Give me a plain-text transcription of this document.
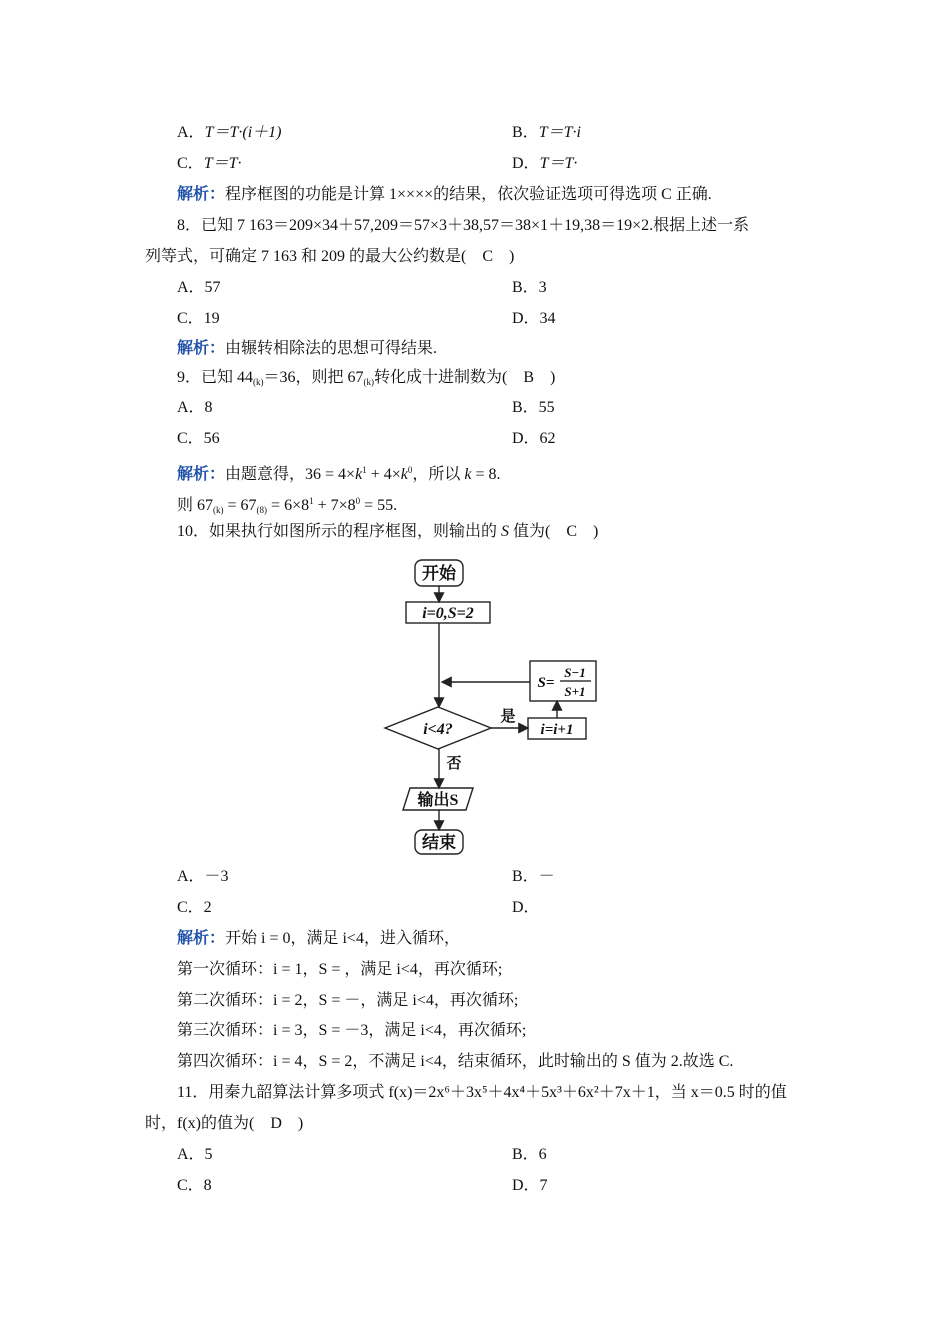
A．T＝T·(i＋1)	B．T＝T·i
C．T＝T·	D．T＝T·
解析：程序框图的功能是计算 1××××的结果，依次验证选项可得选项 C 正确.
8．已知 7 163＝209×34＋57,209＝57×3＋38,57＝38×1＋19,38＝19×2.根据上述一系
列等式，可确定 7 163 和 209 的最大公约数是(　C　)
A．57	B．3
C．19	D．34
解析：由辗转相除法的思想可得结果.
9．已知 $44_{(k)}=36$，则把 $67_{(k)}$转化成十进制数为(　B　)
A．8	B．55
C．56	D．62
解析：由题意得，$36 = 4\times k^1 + 4\times k^0$，所以 k = 8.
则 $67_{(k)} = 67_{(8)} = 6\times 8^1 + 7\times 8^0 = 55$.
10．如果执行如图所示的程序框图，则输出的 S 值为(　C　)
开始
i=0,S=2
i<4?
是
否
i=i+1
S=
S−1
S+1
输出S
结束
A．－3	B．－
C．2	D．
解析：开始 i = 0，满足 i<4，进入循环，
第一次循环：i = 1，S = ，满足 i<4，再次循环;
第二次循环：i = 2，S = －，满足 i<4，再次循环;
第三次循环：i = 3，S = －3，满足 i<4，再次循环;
第四次循环：i = 4，S = 2，不满足 i<4，结束循环，此时输出的 S 值为 2.故选 C.
11．用秦九韶算法计算多项式 f(x)＝2x⁶＋3x⁵＋4x⁴＋5x³＋6x²＋7x＋1，当 x＝0.5 时的值
时，f(x)的值为(　D　)
A．5	B．6
C．8	D．7
